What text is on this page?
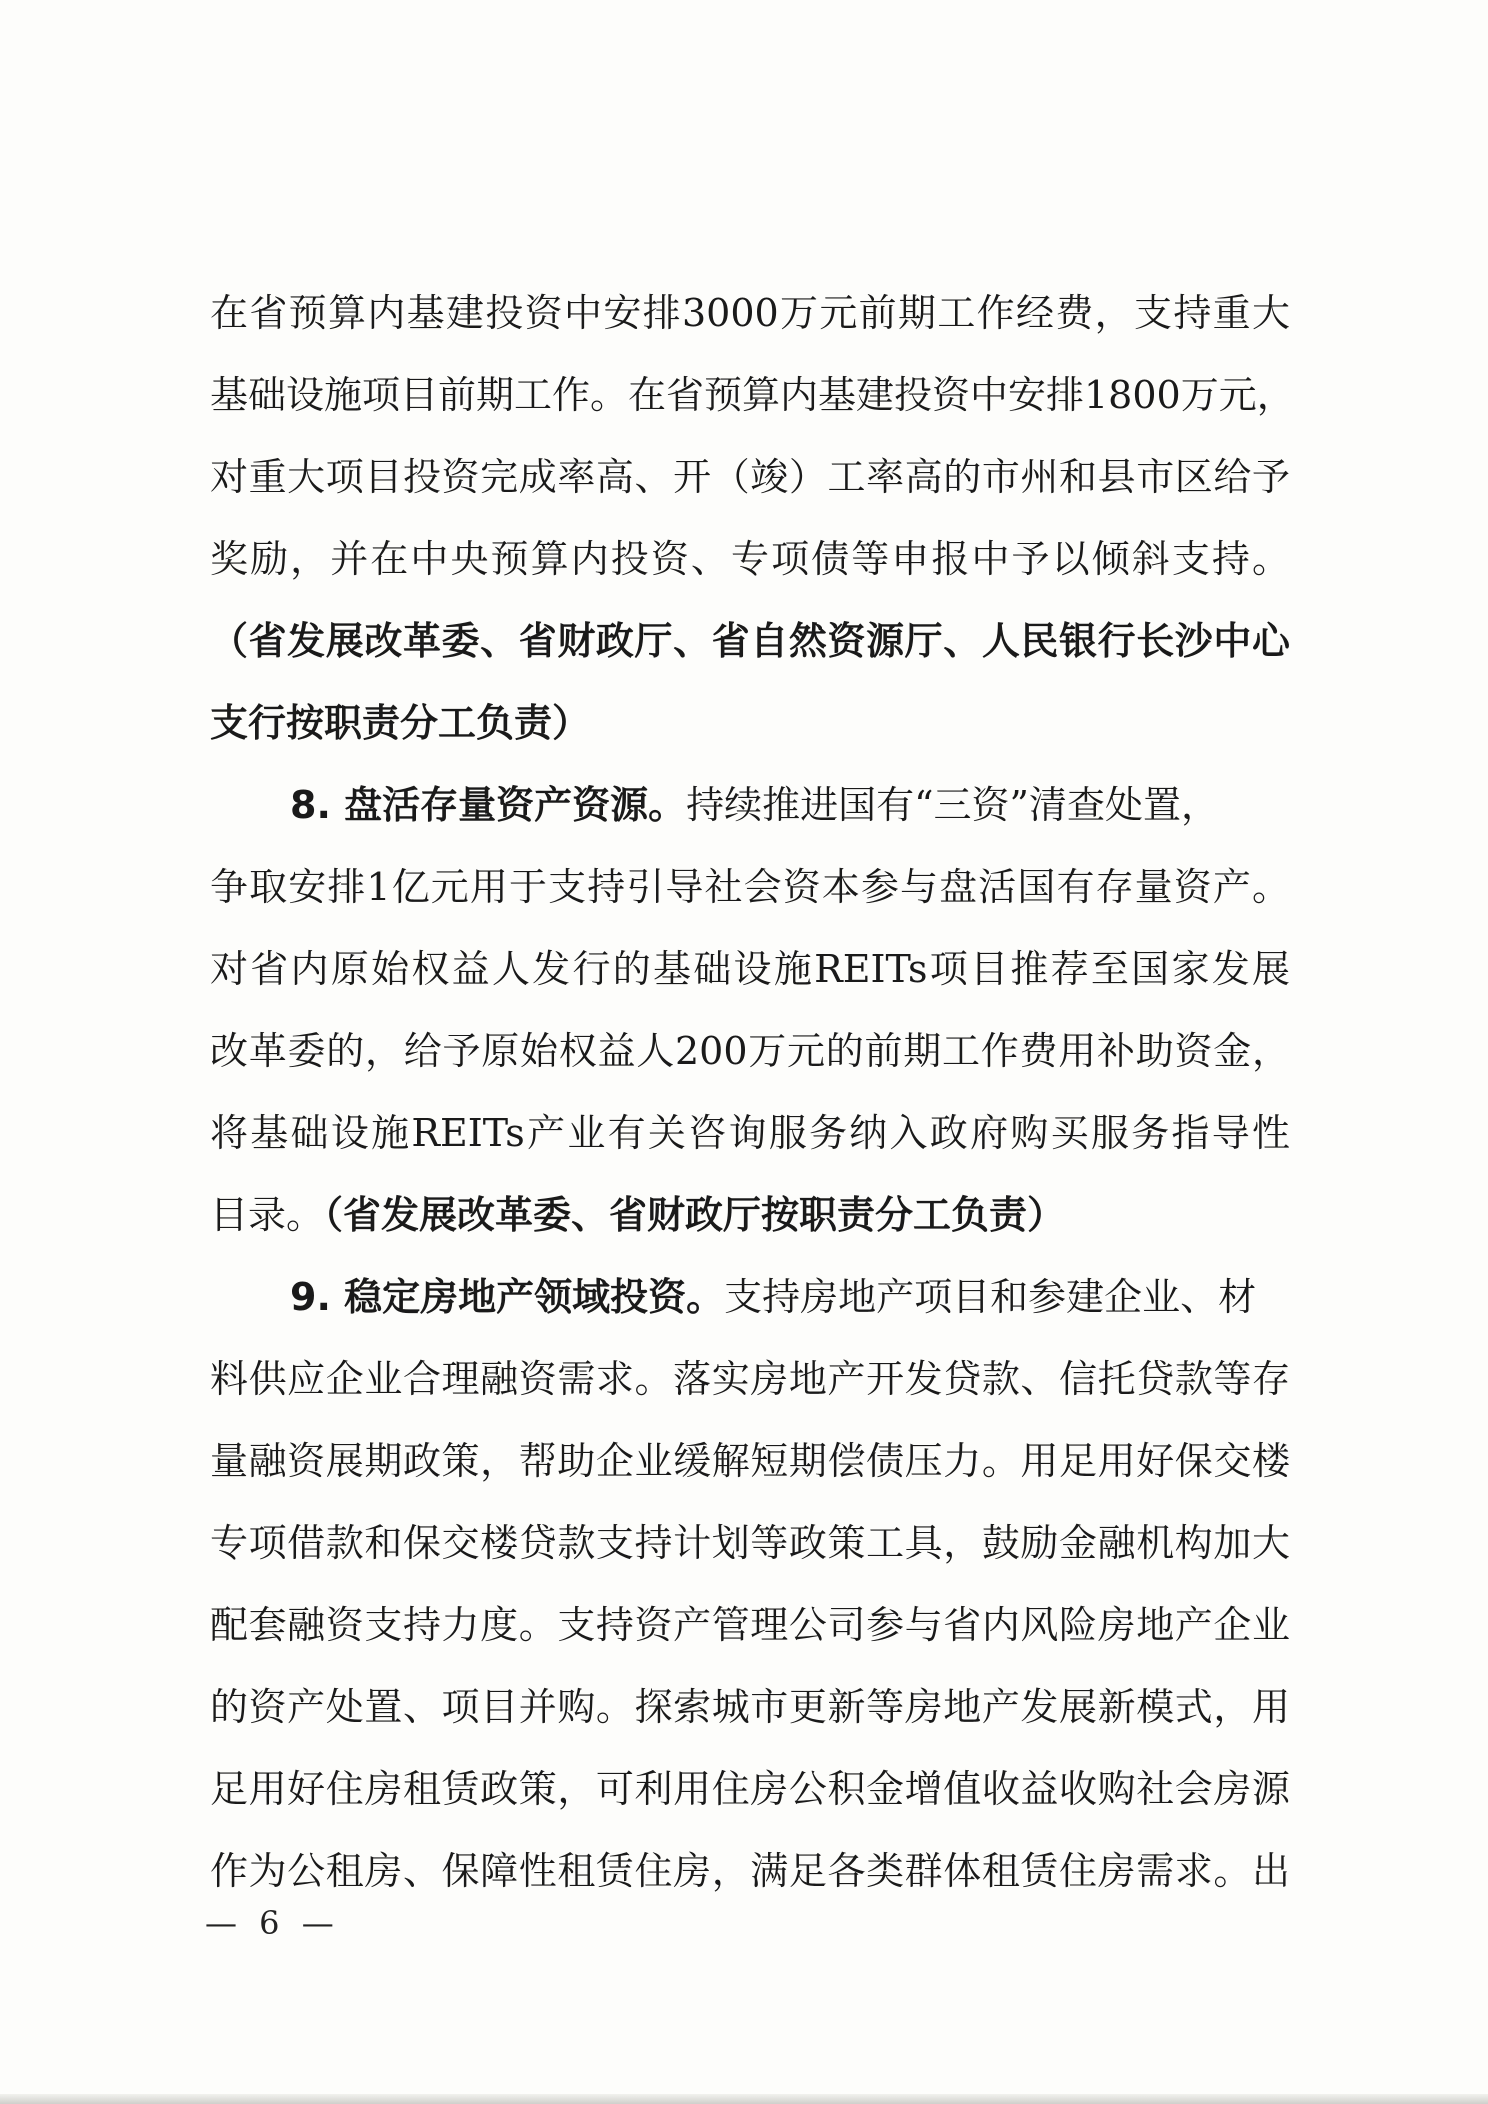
在省预算内基建投资中安排3000万元前期工作经费，支持重大
基础设施项目前期工作。在省预算内基建投资中安排1800万元，
对重大项目投资完成率高、开（竣）工率高的市州和县市区给予
奖励，并在中央预算内投资、专项债等申报中予以倾斜支持。
（省发展改革委、省财政厅、省自然资源厅、人民银行长沙中心
支行按职责分工负责）
8. 盘活存量资产资源。持续推进国有“三资”清查处置，
争取安排1亿元用于支持引导社会资本参与盘活国有存量资产。
对省内原始权益人发行的基础设施REITs项目推荐至国家发展
改革委的，给予原始权益人200万元的前期工作费用补助资金，
将基础设施REITs产业有关咨询服务纳入政府购买服务指导性
目录。（省发展改革委、省财政厅按职责分工负责）
9. 稳定房地产领域投资。支持房地产项目和参建企业、材
料供应企业合理融资需求。落实房地产开发贷款、信托贷款等存
量融资展期政策，帮助企业缓解短期偿债压力。用足用好保交楼
专项借款和保交楼贷款支持计划等政策工具，鼓励金融机构加大
配套融资支持力度。支持资产管理公司参与省内风险房地产企业
的资产处置、项目并购。探索城市更新等房地产发展新模式，用
足用好住房租赁政策，可利用住房公积金增值收益收购社会房源
作为公租房、保障性租赁住房，满足各类群体租赁住房需求。出
— 6 —
